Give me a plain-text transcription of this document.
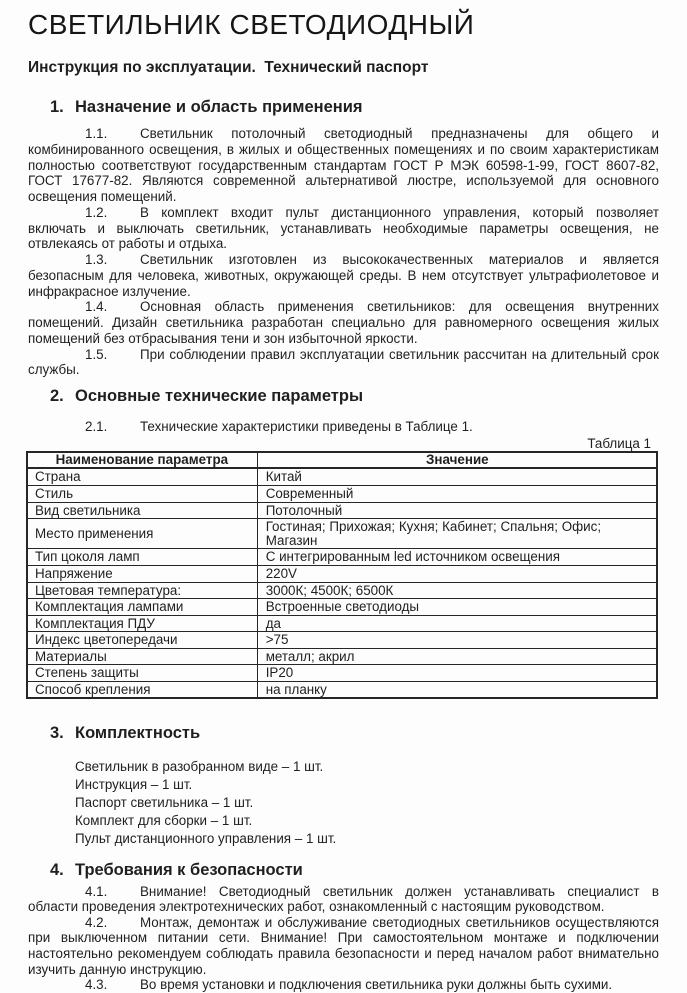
СВЕТИЛЬНИК СВЕТОДИОДНЫЙ
Инструкция по эксплуатации.  Технический паспорт
1. Назначение и область применения

1.1. Светильник потолочный светодиодный предназначены для общего и комбинированного освещения, в жилых и общественных помещениях и по своим характеристикам полностью соответствуют государственным стандартам ГОСТ Р МЭК 60598-1-99, ГОСТ 8607-82, ГОСТ 17677-82. Являются современной альтернативой люстре, используемой для основного освещения помещений.

1.2. В комплект входит пульт дистанционного управления, который позволяет включать и выключать светильник, устанавливать необходимые параметры освещения, не отвлекаясь от работы и отдыха.

1.3. Светильник изготовлен из высококачественных материалов и является безопасным для человека, животных, окружающей среды. В нем отсутствует ультрафиолетовое и инфракрасное излучение.

1.4. Основная область применения светильников: для освещения внутренних помещений. Дизайн светильника разработан специально для равномерного освещения жилых помещений без отбрасывания тени и зон избыточной яркости.

1.5. При соблюдении правил эксплуатации светильник рассчитан на длительный срок службы.

2. Основные технические параметры

2.1. Технические характеристики приведены в Таблице 1.

Таблица 1
Наименование параметра	Значение
Страна	Китай
Стиль	Современный
Вид светильника	Потолочный
Место применения	Гостиная; Прихожая; Кухня; Кабинет; Спальня; Офис; Магазин
Тип цоколя ламп	С интегрированным led источником освещения
Напряжение	220V
Цветовая температура:	3000К; 4500К; 6500К
Комплектация лампами	Встроенные светодиоды
Комплектация ПДУ	да
Индекс цветопередачи	>75
Материалы	металл; акрил
Степень защиты	IP20
Способ крепления	на планку
3. Комплектность
Светильник в разобранном виде – 1 шт.
Инструкция – 1 шт.
Паспорт светильника – 1 шт.
Комплект для сборки – 1 шт.
Пульт дистанционного управления – 1 шт.
4. Требования к безопасности

4.1. Внимание! Светодиодный светильник должен устанавливать специалист в области проведения электротехнических работ, ознакомленный с настоящим руководством.

4.2. Монтаж, демонтаж и обслуживание светодиодных светильников осуществляются при выключенном питании сети. Внимание! При самостоятельном монтаже и подключении настоятельно рекомендуем соблюдать правила безопасности и перед началом работ внимательно изучить данную инструкцию.

4.3. Во время установки и подключения светильника руки должны быть сухими.
